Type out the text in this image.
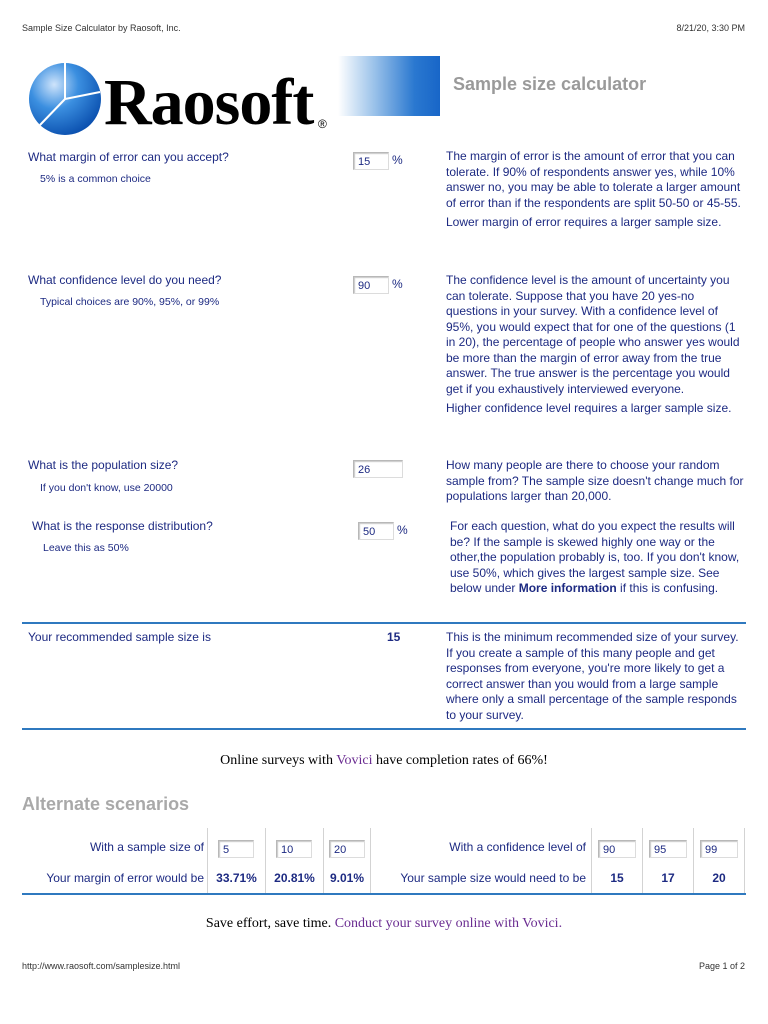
Sample Size Calculator by Raosoft, Inc.	8/21/20, 3:30 PM
Raosoft ®
Sample size calculator
What margin of error can you accept?
5% is a common choice
15	%	The margin of error is the amount of error that you can tolerate. If 90% of respondents answer yes, while 10% answer no, you may be able to tolerate a larger amount of error than if the respondents are split 50-50 or 45-55.

Lower margin of error requires a larger sample size.

What confidence level do you need?
Typical choices are 90%, 95%, or 99%
90	%	The confidence level is the amount of uncertainty you can tolerate. Suppose that you have 20 yes-no questions in your survey. With a confidence level of 95%, you would expect that for one of the questions (1 in 20), the percentage of people who answer yes would be more than the margin of error away from the true answer. The true answer is the percentage you would get if you exhaustively interviewed everyone.

Higher confidence level requires a larger sample size.

What is the population size?
If you don't know, use 20000
26	How many people are there to choose your random sample from? The sample size doesn't change much for populations larger than 20,000.

What is the response distribution?
Leave this as 50%
50	%	For each question, what do you expect the results will be? If the sample is skewed highly one way or the other,the population probably is, too. If you don't know, use 50%, which gives the largest sample size. See below under More information if this is confusing.
Your recommended sample size is	15	This is the minimum recommended size of your survey. If you create a sample of this many people and get responses from everyone, you're more likely to get a correct answer than you would from a large sample where only a small percentage of the sample responds to your survey.
Online surveys with Vovici have completion rates of 66%!
Alternate scenarios
With a sample size of	5	10	20	With a confidence level of	90	95	99
Your margin of error would be	33.71%	20.81%	9.01%	Your sample size would need to be	15	17	20
Save effort, save time. Conduct your survey online with Vovici.
http://www.raosoft.com/samplesize.html	Page 1 of 2
